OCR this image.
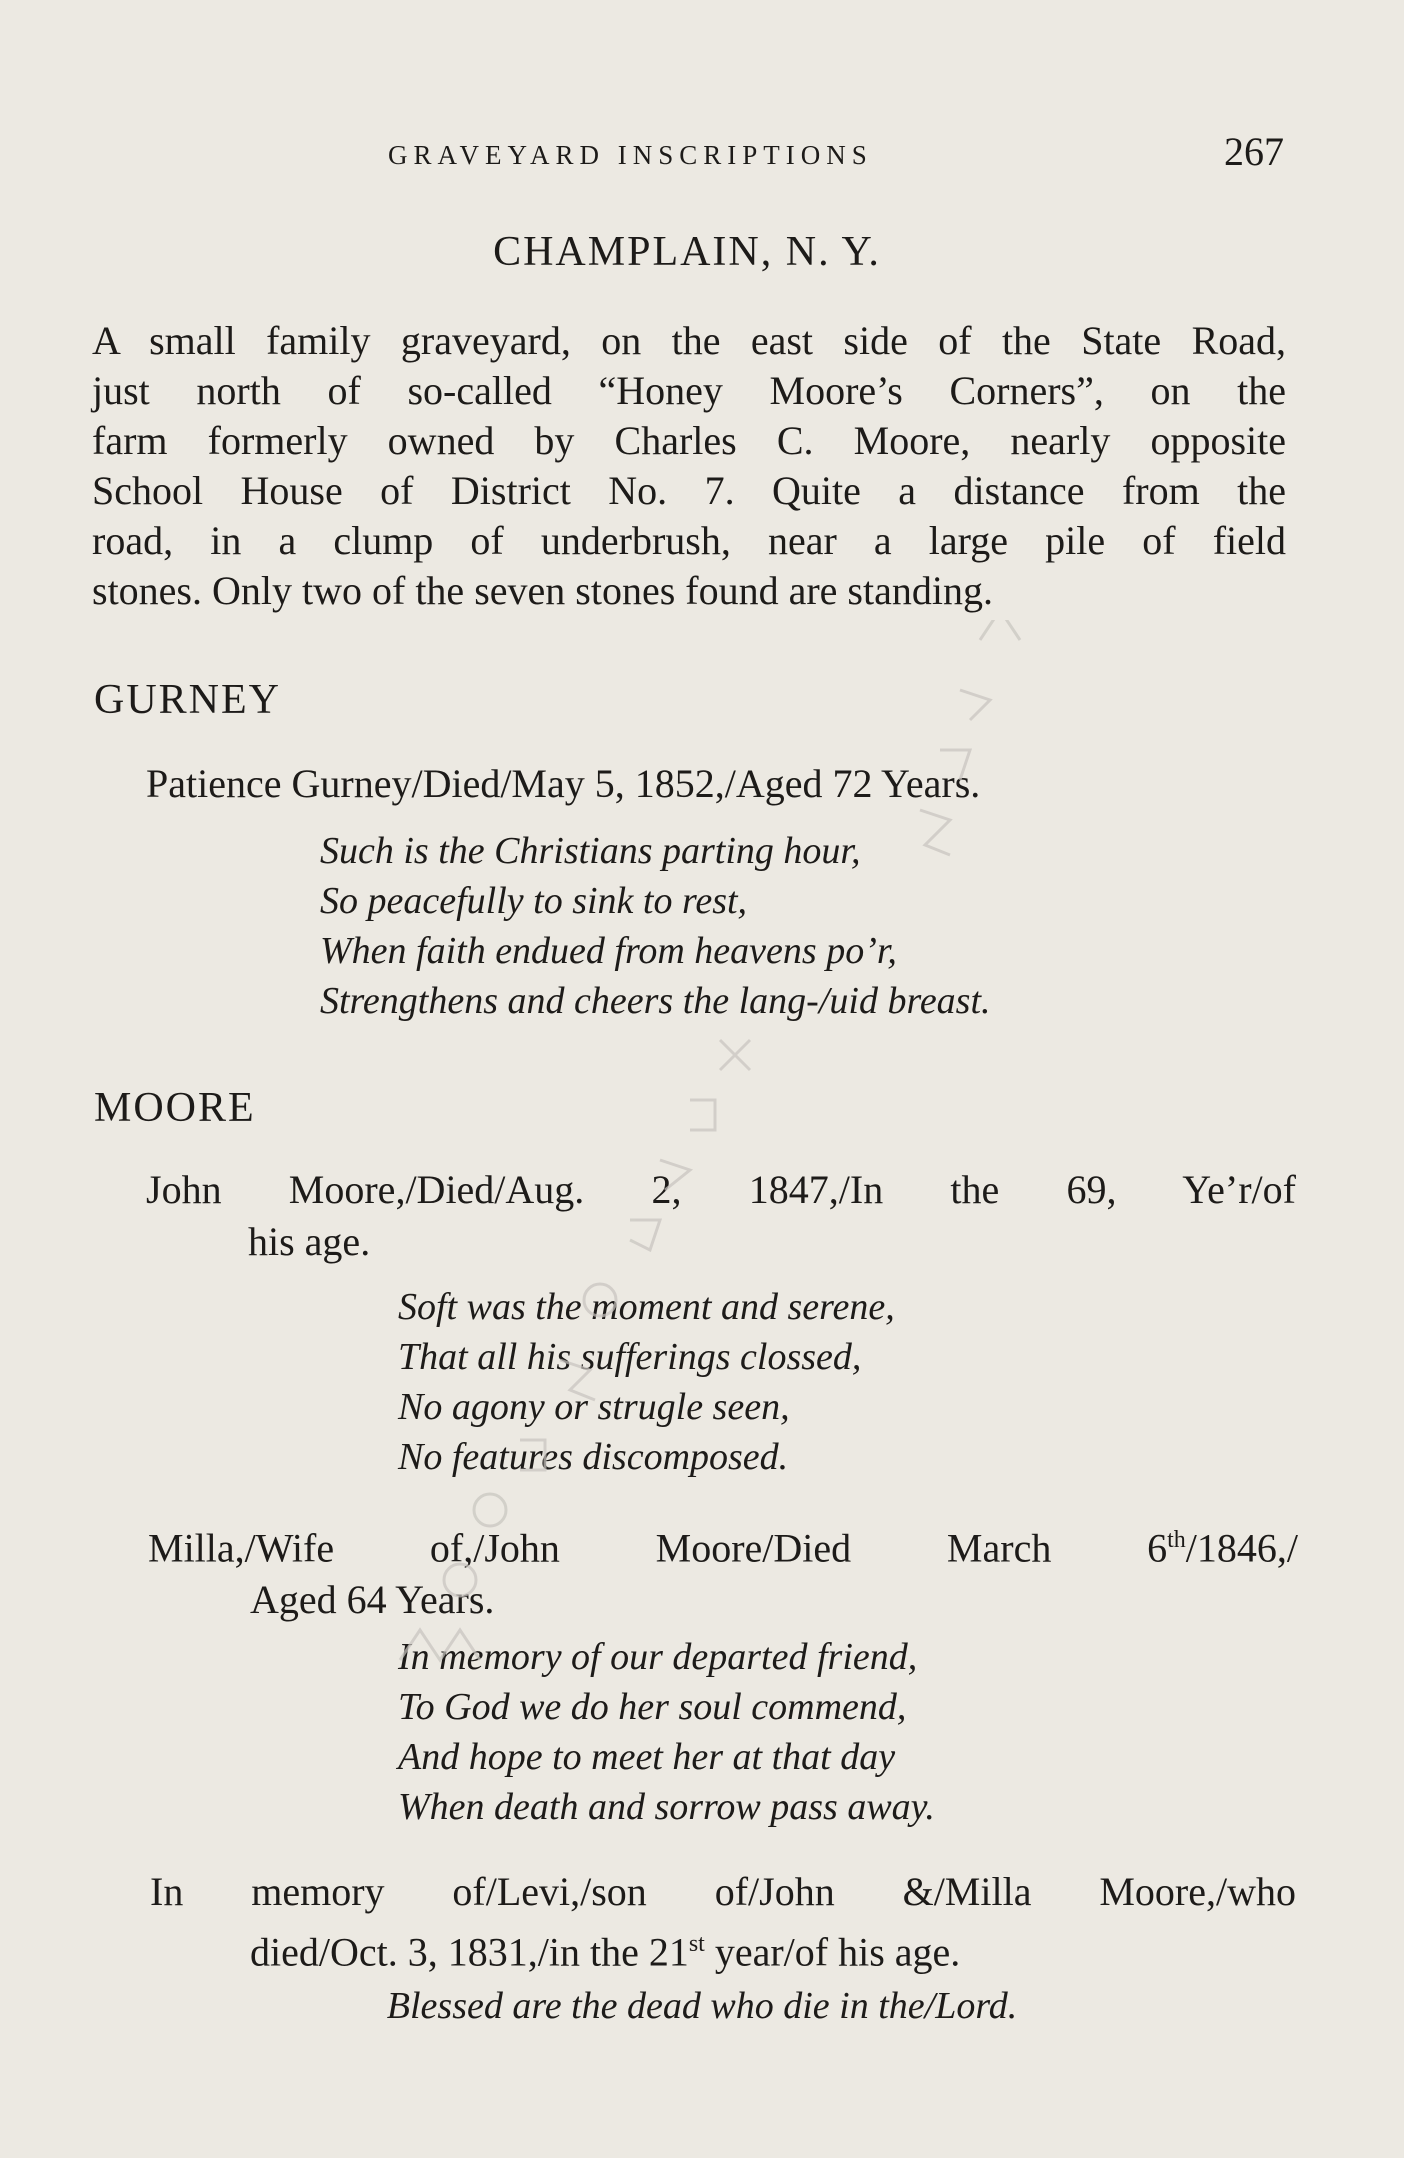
GRAVEYARD INSCRIPTIONS	267
CHAMPLAIN, N. Y.
A small family graveyard, on the east side of the State Road,
just north of so-called “Honey Moore’s Corners”, on the
farm formerly owned by Charles C. Moore, nearly opposite
School House of District No. 7. Quite a distance from the
road, in a clump of underbrush, near a large pile of field
stones. Only two of the seven stones found are standing.
GURNEY
Patience Gurney/Died/May 5, 1852,/Aged 72 Years.
Such is the Christians parting hour,
So peacefully to sink to rest,
When faith endued from heavens po’r,
Strengthens and cheers the lang-/uid breast.
MOORE
John Moore,/Died/Aug. 2, 1847,/In the 69, Ye’r/of
his age.
Soft was the moment and serene,
That all his sufferings clossed,
No agony or strugle seen,
No features discomposed.
Milla,/Wife of,/John Moore/Died March 6th/1846,/
Aged 64 Years.
In memory of our departed friend,
To God we do her soul commend,
And hope to meet her at that day
When death and sorrow pass away.
In memory of/Levi,/son of/John &/Milla Moore,/who
died/Oct. 3, 1831,/in the 21st year/of his age.
Blessed are the dead who die in the/Lord.
